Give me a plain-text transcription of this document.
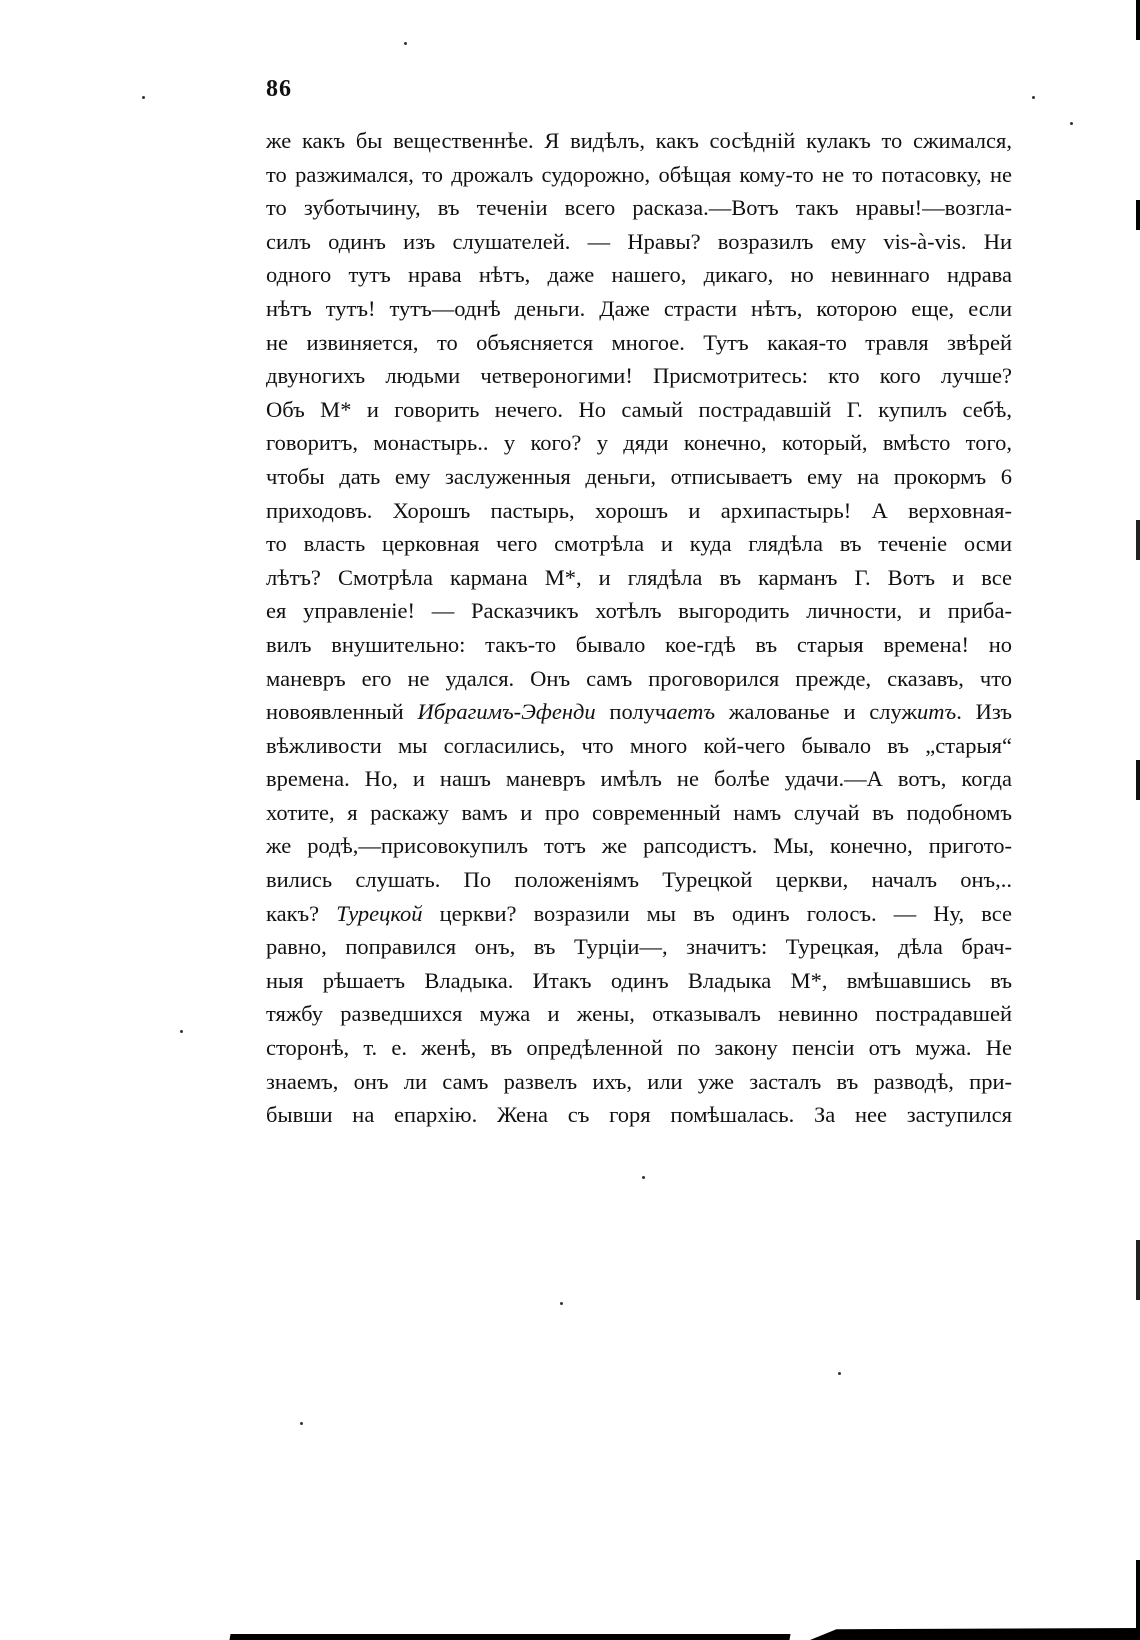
86
же какъ бы вещественнѣе. Я видѣлъ, какъ сосѣднiй кулакъ то сжимался,
то разжимался, то дрожалъ судорожно, обѣщая кому-то не то потасовку, не
то зуботычину, въ теченiи всего расказа.—Вотъ такъ нравы!—возгла-
силъ одинъ изъ слушателей. — Нравы? возразилъ ему vis-à-vis. Ни
одного тутъ нрава нѣтъ, даже нашего, дикаго, но невиннаго ндрава
нѣтъ тутъ! тутъ—однѣ деньги. Даже страсти нѣтъ, которою еще, если
не извиняется, то объясняется многое. Тутъ какая-то травля звѣрей
двуногихъ людьми четвероногими! Присмотритесь: кто кого лучше?
Объ М* и говорить нечего. Но самый пострадавшiй Г. купилъ себѣ,
говоритъ, монастырь.. у кого? у дяди конечно, который, вмѣсто того,
чтобы дать ему заслуженныя деньги, отписываетъ ему на прокормъ 6
приходовъ. Хорошъ пастырь, хорошъ и архипастырь! А верховная-
то власть церковная чего смотрѣла и куда глядѣла въ теченiе осми
лѣтъ? Смотрѣла кармана М*, и глядѣла въ карманъ Г. Вотъ и все
ея управленiе! — Расказчикъ хотѣлъ выгородить личности, и приба-
вилъ внушительно: такъ-то бывало кое-гдѣ въ старыя времена! но
маневръ его не удался. Онъ самъ проговорился прежде, сказавъ, что
новоявленный Ибрагимъ-Эфенди получаетъ жалованье и служитъ. Изъ
вѣжливости мы согласились, что много кой-чего бывало въ „старыя“
времена. Но, и нашъ маневръ имѣлъ не болѣе удачи.—А вотъ, когда
хотите, я раскажу вамъ и про современный намъ случай въ подобномъ
же родѣ,—присовокупилъ тотъ же рапсодистъ. Мы, конечно, пригото-
вились слушать. По положенiямъ Турецкой церкви, началъ онъ,..
какъ? Турецкой церкви? возразили мы въ одинъ голосъ. — Ну, все
равно, поправился онъ, въ Турцiи—, значитъ: Турецкая, дѣла брач-
ныя рѣшаетъ Владыка. Итакъ одинъ Владыка М*, вмѣшавшись въ
тяжбу разведшихся мужа и жены, отказывалъ невинно пострадавшей
сторонѣ, т. е. женѣ, въ опредѣленной по закону пенсiи отъ мужа. Не
знаемъ, онъ ли самъ развелъ ихъ, или уже засталъ въ разводѣ, при-
бывши на епархiю. Жена съ горя помѣшалась. За нее заступился
